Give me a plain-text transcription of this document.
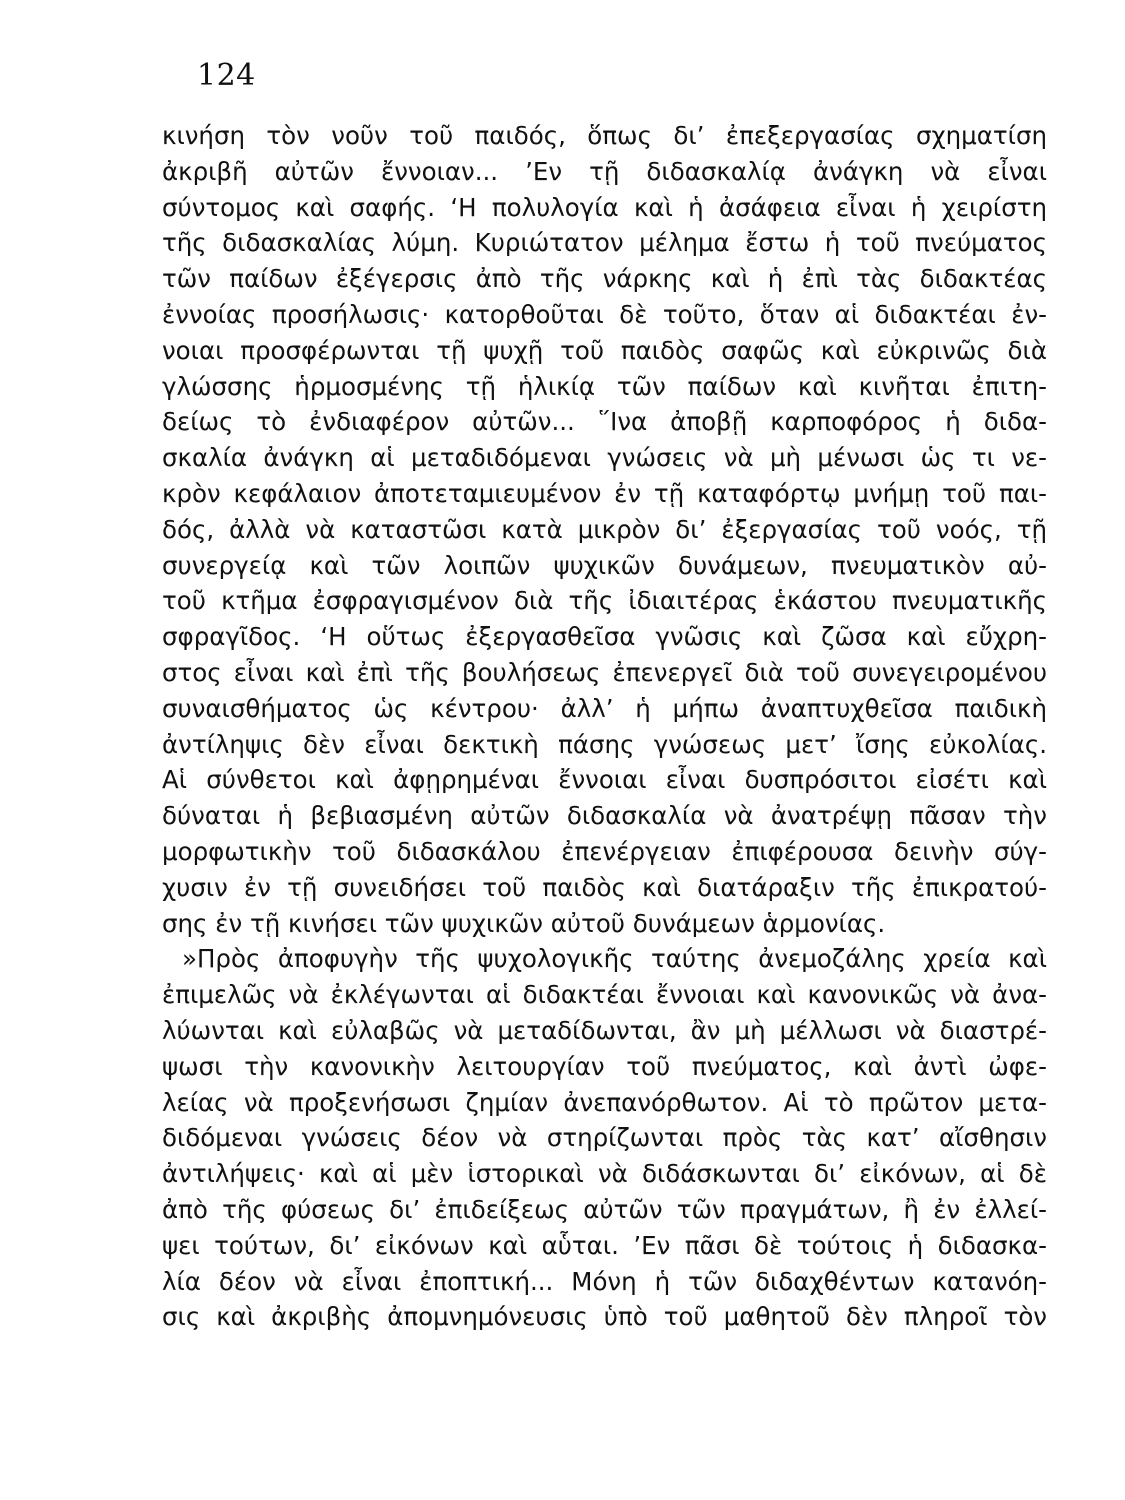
124
κινήση τὸν νοῦν τοῦ παιδός, ὅπως δι’ ἐπεξεργασίας σχηματίση
ἀκριβῆ αὐτῶν ἔννοιαν... ’Εν τῇ διδασκαλίᾳ ἀνάγκη νὰ εἶναι
σύντομος καὶ σαφής. ‘Η πολυλογία καὶ ἡ ἀσάφεια εἶναι ἡ χειρίστη
τῆς διδασκαλίας λύμη. Κυριώτατον μέλημα ἔστω ἡ τοῦ πνεύματος
τῶν παίδων ἐξέγερσις ἀπὸ τῆς νάρκης καὶ ἡ ἐπὶ τὰς διδακτέας
ἐννοίας προσήλωσις· κατορθοῦται δὲ τοῦτο, ὅταν αἱ διδακτέαι ἐν-
νοιαι προσφέρωνται τῇ ψυχῇ τοῦ παιδὸς σαφῶς καὶ εὐκρινῶς διὰ
γλώσσης ἡρμοσμένης τῇ ἡλικίᾳ τῶν παίδων καὶ κινῆται ἐπιτη-
δείως τὸ ἐνδιαφέρον αὐτῶν... ῞Ινα ἀποβῇ καρποφόρος ἡ διδα-
σκαλία ἀνάγκη αἱ μεταδιδόμεναι γνώσεις νὰ μὴ μένωσι ὡς τι νε-
κρὸν κεφάλαιον ἀποτεταμιευμένον ἐν τῇ καταφόρτῳ μνήμῃ τοῦ παι-
δός, ἀλλὰ νὰ καταστῶσι κατὰ μικρὸν δι’ ἐξεργασίας τοῦ νοός, τῇ
συνεργείᾳ καὶ τῶν λοιπῶν ψυχικῶν δυνάμεων, πνευματικὸν αὐ-
τοῦ κτῆμα ἐσφραγισμένον διὰ τῆς ἰδιαιτέρας ἑκάστου πνευματικῆς
σφραγῖδος. ‘Η οὕτως ἐξεργασθεῖσα γνῶσις καὶ ζῶσα καὶ εὔχρη-
στος εἶναι καὶ ἐπὶ τῆς βουλήσεως ἐπενεργεῖ διὰ τοῦ συνεγειρομένου
συναισθήματος ὡς κέντρου· ἀλλ’ ἡ μήπω ἀναπτυχθεῖσα παιδικὴ
ἀντίληψις δὲν εἶναι δεκτικὴ πάσης γνώσεως μετ’ ἴσης εὐκολίας.
Αἱ σύνθετοι καὶ ἀφῃρημέναι ἔννοιαι εἶναι δυσπρόσιτοι εἰσέτι καὶ
δύναται ἡ βεβιασμένη αὐτῶν διδασκαλία νὰ ἀνατρέψῃ πᾶσαν τὴν
μορφωτικὴν τοῦ διδασκάλου ἐπενέργειαν ἐπιφέρουσα δεινὴν σύγ-
χυσιν ἐν τῇ συνειδήσει τοῦ παιδὸς καὶ διατάραξιν τῆς ἐπικρατού-
σης ἐν τῇ κινήσει τῶν ψυχικῶν αὐτοῦ δυνάμεων ἁρμονίας.
»Πρὸς ἀποφυγὴν τῆς ψυχολογικῆς ταύτης ἀνεμοζάλης χρεία καὶ
ἐπιμελῶς νὰ ἐκλέγωνται αἱ διδακτέαι ἔννοιαι καὶ κανονικῶς νὰ ἀνα-
λύωνται καὶ εὐλαβῶς νὰ μεταδίδωνται, ἂν μὴ μέλλωσι νὰ διαστρέ-
ψωσι τὴν κανονικὴν λειτουργίαν τοῦ πνεύματος, καὶ ἀντὶ ὠφε-
λείας νὰ προξενήσωσι ζημίαν ἀνεπανόρθωτον. Αἱ τὸ πρῶτον μετα-
διδόμεναι γνώσεις δέον νὰ στηρίζωνται πρὸς τὰς κατ’ αἴσθησιν
ἀντιλήψεις· καὶ αἱ μὲν ἱστορικαὶ νὰ διδάσκωνται δι’ εἰκόνων, αἱ δὲ
ἀπὸ τῆς φύσεως δι’ ἐπιδείξεως αὐτῶν τῶν πραγμάτων, ἢ ἐν ἐλλεί-
ψει τούτων, δι’ εἰκόνων καὶ αὗται. ’Εν πᾶσι δὲ τούτοις ἡ διδασκα-
λία δέον νὰ εἶναι ἐποπτική... Μόνη ἡ τῶν διδαχθέντων κατανόη-
σις καὶ ἀκριβὴς ἀπομνημόνευσις ὑπὸ τοῦ μαθητοῦ δὲν πληροῖ τὸν
